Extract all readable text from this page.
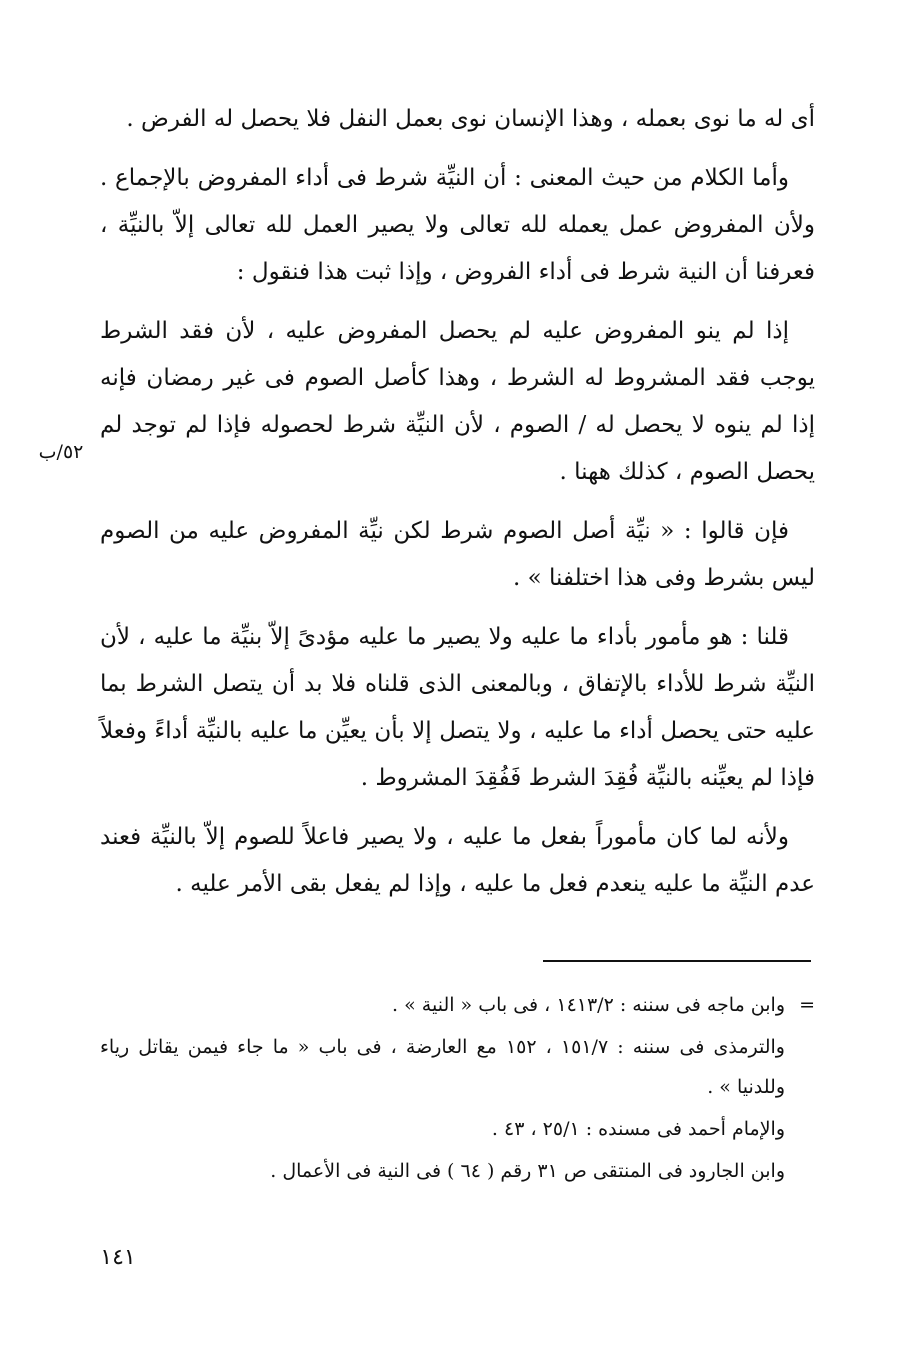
أى له ما نوى بعمله ، وهذا الإنسان نوى بعمل النفل فلا يحصل له الفرض .

وأما الكلام من حيث المعنى : أن النيِّة شرط فى أداء المفروض بالإجماع . ولأن المفروض عمل يعمله لله تعالى ولا يصير العمل لله تعالى إلاّ بالنيِّة ، فعرفنا أن النية شرط فى أداء الفروض ، وإذا ثبت هذا فنقول :

إذا لم ينو المفروض عليه لم يحصل المفروض عليه ، لأن فقد الشرط يوجب فقد المشروط له الشرط ، وهذا كأصل الصوم فى غير رمضان فإنه إذا لم ينوه لا يحصل له / الصوم ، لأن النيِّة شرط لحصوله فإذا لم توجد لم يحصل الصوم ، كذلك ههنا .

فإن قالوا : « نيِّة أصل الصوم شرط لكن نيِّة المفروض عليه من الصوم ليس بشرط وفى هذا اختلفنا » .

قلنا : هو مأمور بأداء ما عليه ولا يصير ما عليه مؤدىً إلاّ بنيِّة ما عليه ، لأن النيِّة شرط للأداء بالإتفاق ، وبالمعنى الذى قلناه فلا بد أن يتصل الشرط بما عليه حتى يحصل أداء ما عليه ، ولا يتصل إلا بأن يعيِّن ما عليه بالنيِّة أداءً وفعلاً فإذا لم يعيِّنه بالنيِّة فُقِدَ الشرط فَفُقِدَ المشروط .

ولأنه لما كان مأموراً بفعل ما عليه ، ولا يصير فاعلاً للصوم إلاّ بالنيِّة فعند عدم النيِّة ما عليه ينعدم فعل ما عليه ، وإذا لم يفعل بقى الأمر عليه .

٥٢/ب

=وابن ماجه فى سننه : ١٤١٣/٢ ، فى باب « النية » .

والترمذى فى سننه : ١٥١/٧ ، ١٥٢ مع العارضة ، فى باب « ما جاء فيمن يقاتل رياء وللدنيا » .

والإمام أحمد فى مسنده : ٢٥/١ ، ٤٣ .

وابن الجارود فى المنتقى ص ٣١ رقم ( ٦٤ ) فى النية فى الأعمال .

١٤١
